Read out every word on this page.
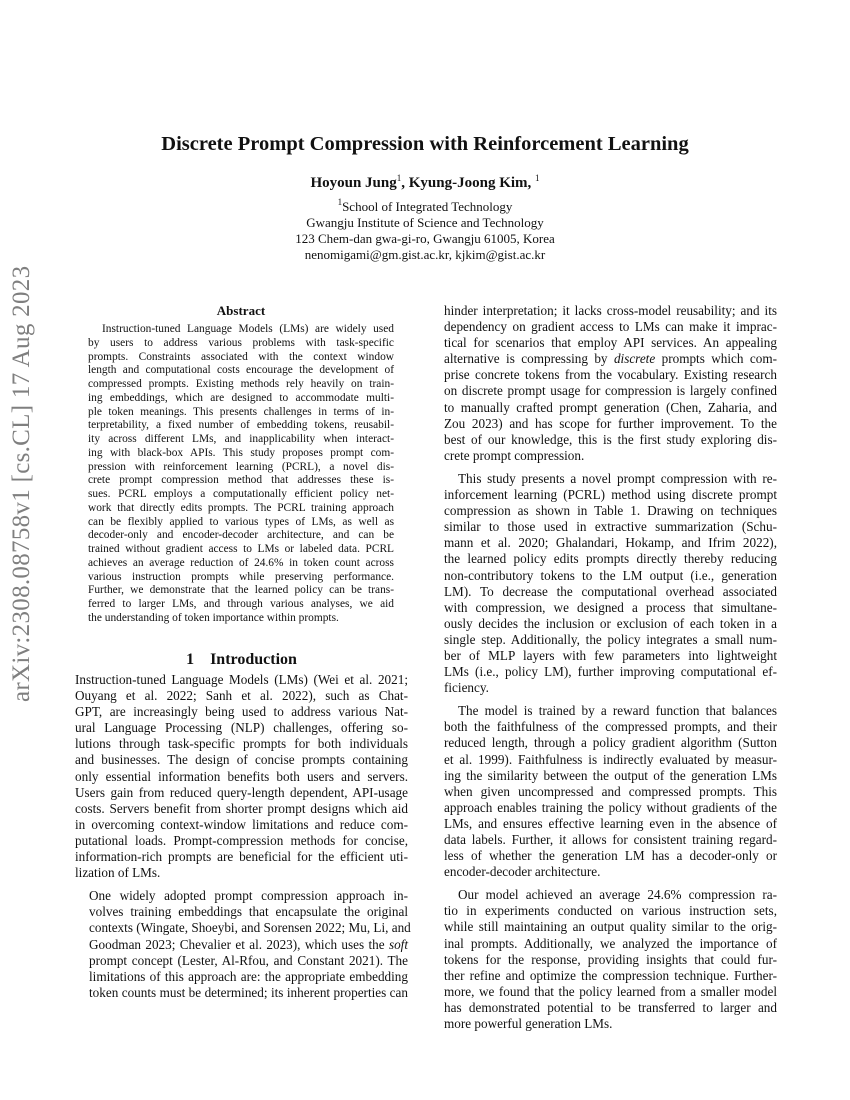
arXiv:2308.08758v1 [cs.CL] 17 Aug 2023
Discrete Prompt Compression with Reinforcement Learning
Hoyoun Jung$^1$, Kyung-Joong Kim, $^1$
$^1$School of Integrated Technology
Gwangju Institute of Science and Technology
123 Chem-dan gwa-gi-ro, Gwangju 61005, Korea
nenomigami@gm.gist.ac.kr, kjkim@gist.ac.kr
Abstract
Instruction-tuned Language Models (LMs) are widely used
by users to address various problems with task-specific
prompts. Constraints associated with the context window
length and computational costs encourage the development of
compressed prompts. Existing methods rely heavily on train-
ing embeddings, which are designed to accommodate multi-
ple token meanings. This presents challenges in terms of in-
terpretability, a fixed number of embedding tokens, reusabil-
ity across different LMs, and inapplicability when interact-
ing with black-box APIs. This study proposes prompt com-
pression with reinforcement learning (PCRL), a novel dis-
crete prompt compression method that addresses these is-
sues. PCRL employs a computationally efficient policy net-
work that directly edits prompts. The PCRL training approach
can be flexibly applied to various types of LMs, as well as
decoder-only and encoder-decoder architecture, and can be
trained without gradient access to LMs or labeled data. PCRL
achieves an average reduction of 24.6% in token count across
various instruction prompts while preserving performance.
Further, we demonstrate that the learned policy can be trans-
ferred to larger LMs, and through various analyses, we aid
the understanding of token importance within prompts.
1 Introduction

Instruction-tuned Language Models (LMs) (Wei et al. 2021;
Ouyang et al. 2022; Sanh et al. 2022), such as Chat-
GPT, are increasingly being used to address various Nat-
ural Language Processing (NLP) challenges, offering so-
lutions through task-specific prompts for both individuals
and businesses. The design of concise prompts containing
only essential information benefits both users and servers.
Users gain from reduced query-length dependent, API-usage
costs. Servers benefit from shorter prompt designs which aid
in overcoming context-window limitations and reduce com-
putational loads. Prompt-compression methods for concise,
information-rich prompts are beneficial for the efficient uti-
lization of LMs.

One widely adopted prompt compression approach in-
volves training embeddings that encapsulate the original
contexts (Wingate, Shoeybi, and Sorensen 2022; Mu, Li, and
Goodman 2023; Chevalier et al. 2023), which uses the soft
prompt concept (Lester, Al-Rfou, and Constant 2021). The
limitations of this approach are: the appropriate embedding
token counts must be determined; its inherent properties can

hinder interpretation; it lacks cross-model reusability; and its
dependency on gradient access to LMs can make it imprac-
tical for scenarios that employ API services. An appealing
alternative is compressing by discrete prompts which com-
prise concrete tokens from the vocabulary. Existing research
on discrete prompt usage for compression is largely confined
to manually crafted prompt generation (Chen, Zaharia, and
Zou 2023) and has scope for further improvement. To the
best of our knowledge, this is the first study exploring dis-
crete prompt compression.

This study presents a novel prompt compression with re-
inforcement learning (PCRL) method using discrete prompt
compression as shown in Table 1. Drawing on techniques
similar to those used in extractive summarization (Schu-
mann et al. 2020; Ghalandari, Hokamp, and Ifrim 2022),
the learned policy edits prompts directly thereby reducing
non-contributory tokens to the LM output (i.e., generation
LM). To decrease the computational overhead associated
with compression, we designed a process that simultane-
ously decides the inclusion or exclusion of each token in a
single step. Additionally, the policy integrates a small num-
ber of MLP layers with few parameters into lightweight
LMs (i.e., policy LM), further improving computational ef-
ficiency.

The model is trained by a reward function that balances
both the faithfulness of the compressed prompts, and their
reduced length, through a policy gradient algorithm (Sutton
et al. 1999). Faithfulness is indirectly evaluated by measur-
ing the similarity between the output of the generation LMs
when given uncompressed and compressed prompts. This
approach enables training the policy without gradients of the
LMs, and ensures effective learning even in the absence of
data labels. Further, it allows for consistent training regard-
less of whether the generation LM has a decoder-only or
encoder-decoder architecture.

Our model achieved an average 24.6% compression ra-
tio in experiments conducted on various instruction sets,
while still maintaining an output quality similar to the orig-
inal prompts. Additionally, we analyzed the importance of
tokens for the response, providing insights that could fur-
ther refine and optimize the compression technique. Further-
more, we found that the policy learned from a smaller model
has demonstrated potential to be transferred to larger and
more powerful generation LMs.
